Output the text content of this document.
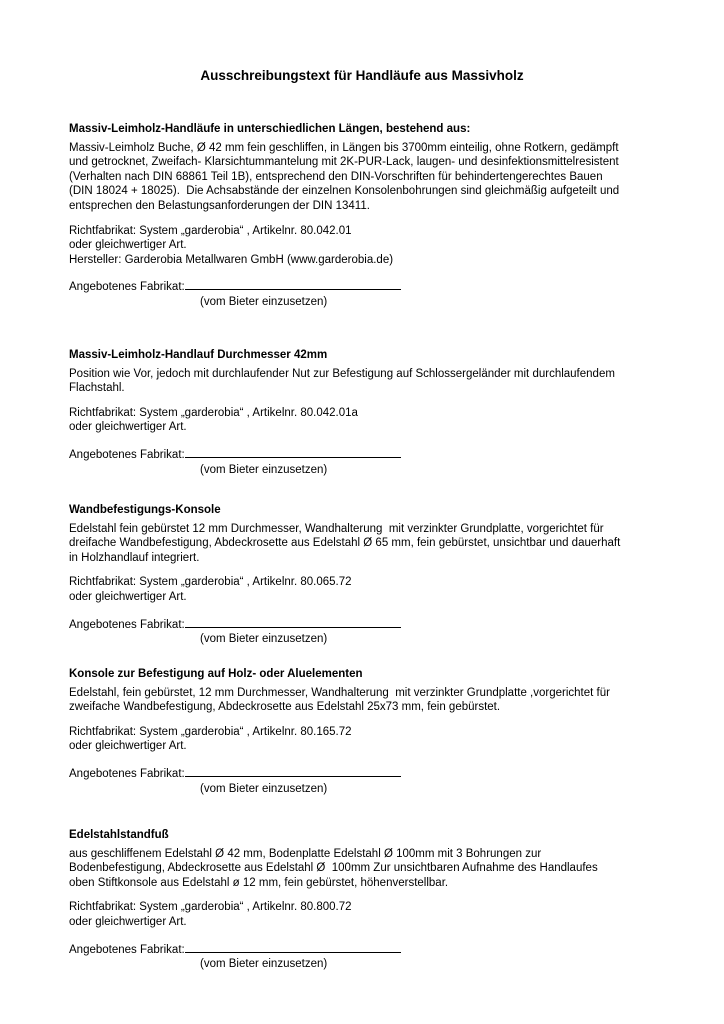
Ausschreibungstext für Handläufe aus Massivholz
Massiv-Leimholz-Handläufe in unterschiedlichen Längen, bestehend aus:
Massiv-Leimholz Buche, Ø 42 mm fein geschliffen, in Längen bis 3700mm einteilig, ohne Rotkern, gedämpft
und getrocknet, Zweifach- Klarsichtummantelung mit 2K-PUR-Lack, laugen- und desinfektionsmittelresistent
(Verhalten nach DIN 68861 Teil 1B), entsprechend den DIN-Vorschriften für behindertengerechtes Bauen
(DIN 18024 + 18025).  Die Achsabstände der einzelnen Konsolenbohrungen sind gleichmäßig aufgeteilt und
entsprechen den Belastungsanforderungen der DIN 13411.
Richtfabrikat: System „garderobia“ , Artikelnr. 80.042.01
oder gleichwertiger Art.
Hersteller: Garderobia Metallwaren GmbH (www.garderobia.de)
Angebotenes Fabrikat:
(vom Bieter einzusetzen)
Massiv-Leimholz-Handlauf Durchmesser 42mm
Position wie Vor, jedoch mit durchlaufender Nut zur Befestigung auf Schlossergeländer mit durchlaufendem
Flachstahl.
Richtfabrikat: System „garderobia“ , Artikelnr. 80.042.01a
oder gleichwertiger Art.
Angebotenes Fabrikat:
(vom Bieter einzusetzen)
Wandbefestigungs-Konsole
Edelstahl fein gebürstet 12 mm Durchmesser, Wandhalterung  mit verzinkter Grundplatte, vorgerichtet für
dreifache Wandbefestigung, Abdeckrosette aus Edelstahl Ø 65 mm, fein gebürstet, unsichtbar und dauerhaft
in Holzhandlauf integriert.
Richtfabrikat: System „garderobia“ , Artikelnr. 80.065.72
oder gleichwertiger Art.
Angebotenes Fabrikat:
(vom Bieter einzusetzen)
Konsole zur Befestigung auf Holz- oder Aluelementen
Edelstahl, fein gebürstet, 12 mm Durchmesser, Wandhalterung  mit verzinkter Grundplatte ,vorgerichtet für
zweifache Wandbefestigung, Abdeckrosette aus Edelstahl 25x73 mm, fein gebürstet.
Richtfabrikat: System „garderobia“ , Artikelnr. 80.165.72
oder gleichwertiger Art.
Angebotenes Fabrikat:
(vom Bieter einzusetzen)
Edelstahlstandfuß
aus geschliffenem Edelstahl Ø 42 mm, Bodenplatte Edelstahl Ø 100mm mit 3 Bohrungen zur
Bodenbefestigung, Abdeckrosette aus Edelstahl Ø  100mm Zur unsichtbaren Aufnahme des Handlaufes
oben Stiftkonsole aus Edelstahl ø 12 mm, fein gebürstet, höhenverstellbar.
Richtfabrikat: System „garderobia“ , Artikelnr. 80.800.72
oder gleichwertiger Art.
Angebotenes Fabrikat:
(vom Bieter einzusetzen)
